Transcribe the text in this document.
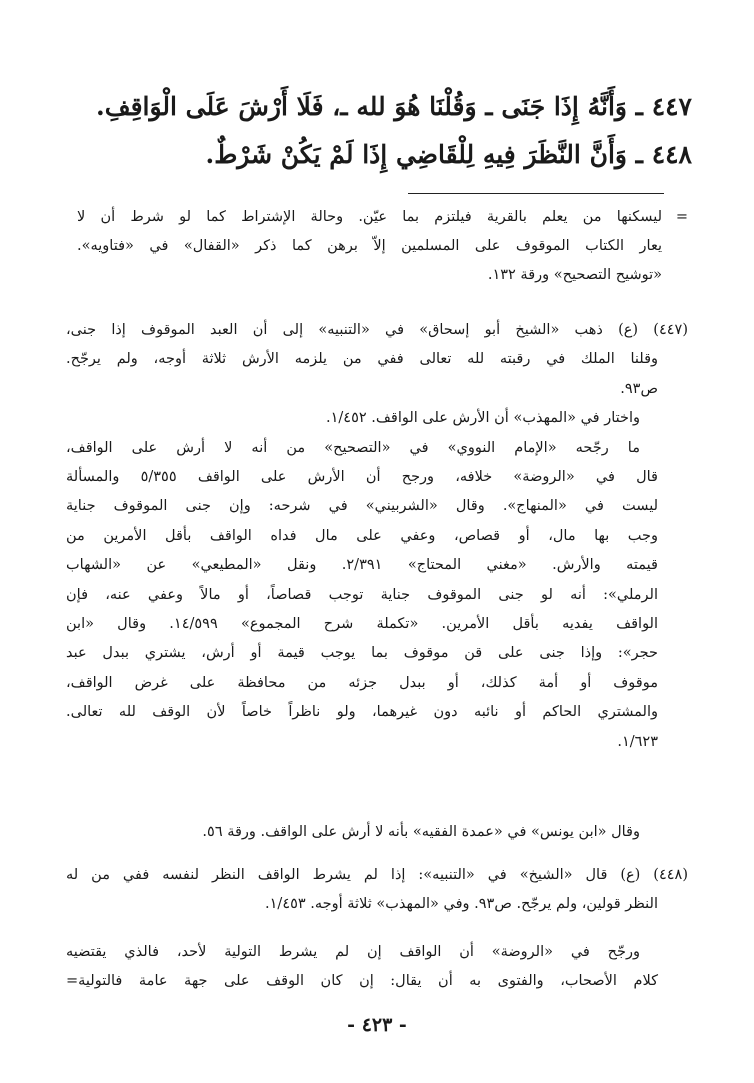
٤٤٧ ـ وَأَنَّهُ إِذَا جَنَى ـ وَقُلْنَا هُوَ لله ـ، فَلَا أَرْشَ عَلَى الْوَاقِفِ.
٤٤٨ ـ وَأَنَّ النَّظَرَ فِيهِ لِلْقَاضِي إِذَا لَمْ يَكُنْ شَرْطٌ.
=
ليسكنها من يعلم بالقرية فيلتزم بما عيّن. وحالة الإشتراط كما لو شرط أن لا
يعار الكتاب الموقوف على المسلمين إلاّ برهن كما ذكر «القفال» في «فتاويه».
«توشيح التصحيح» ورقة ١٣٢.
(٤٤٧) (ع) ذهب «الشيخ أبو إسحاق» في «التنبيه» إلى أن العبد الموقوف إذا جنى،
وقلنا الملك في رقبته لله تعالى ففي من يلزمه الأرش ثلاثة أوجه، ولم يرجّح.
ص٩٣.
واختار في «المهذب» أن الأرش على الواقف. ١/٤٥٢.
ما رجّحه «الإمام النووي» في «التصحيح» من أنه لا أرش على الواقف،
قال في «الروضة» خلافه، ورجح أن الأرش على الواقف ٥/٣٥٥ والمسألة
ليست في «المنهاج». وقال «الشربيني» في شرحه: وإن جنى الموقوف جناية
وجب بها مال، أو قصاص، وعفي على مال فداه الواقف بأقل الأمرين من
قيمته والأرش. «مغني المحتاج» ٢/٣٩١. ونقل «المطيعي» عن «الشهاب
الرملي»: أنه لو جنى الموقوف جناية توجب قصاصاً، أو مالاً وعفي عنه، فإن
الواقف يفديه بأقل الأمرين. «تكملة شرح المجموع» ١٤/٥٩٩. وقال «ابن
حجر»: وإذا جنى على قن موقوف بما يوجب قيمة أو أرش، يشتري ببدل عبد
موقوف أو أمة كذلك، أو ببدل جزئه من محافظة على غرض الواقف،
والمشتري الحاكم أو نائبه دون غيرهما، ولو ناظراً خاصاً لأن الوقف لله تعالى.
١/٦٢٣.
وقال «ابن يونس» في «عمدة الفقيه» بأنه لا أرش على الواقف. ورقة ٥٦.
(٤٤٨) (ع) قال «الشيخ» في «التنبيه»: إذا لم يشرط الواقف النظر لنفسه ففي من له
النظر قولين، ولم يرجّح. ص٩٣. وفي «المهذب» ثلاثة أوجه. ١/٤٥٣.
ورجّح في «الروضة» أن الواقف إن لم يشرط التولية لأحد، فالذي يقتضيه
كلام الأصحاب، والفتوى به أن يقال: إن كان الوقف على جهة عامة فالتولية=
- ٤٢٣ -
